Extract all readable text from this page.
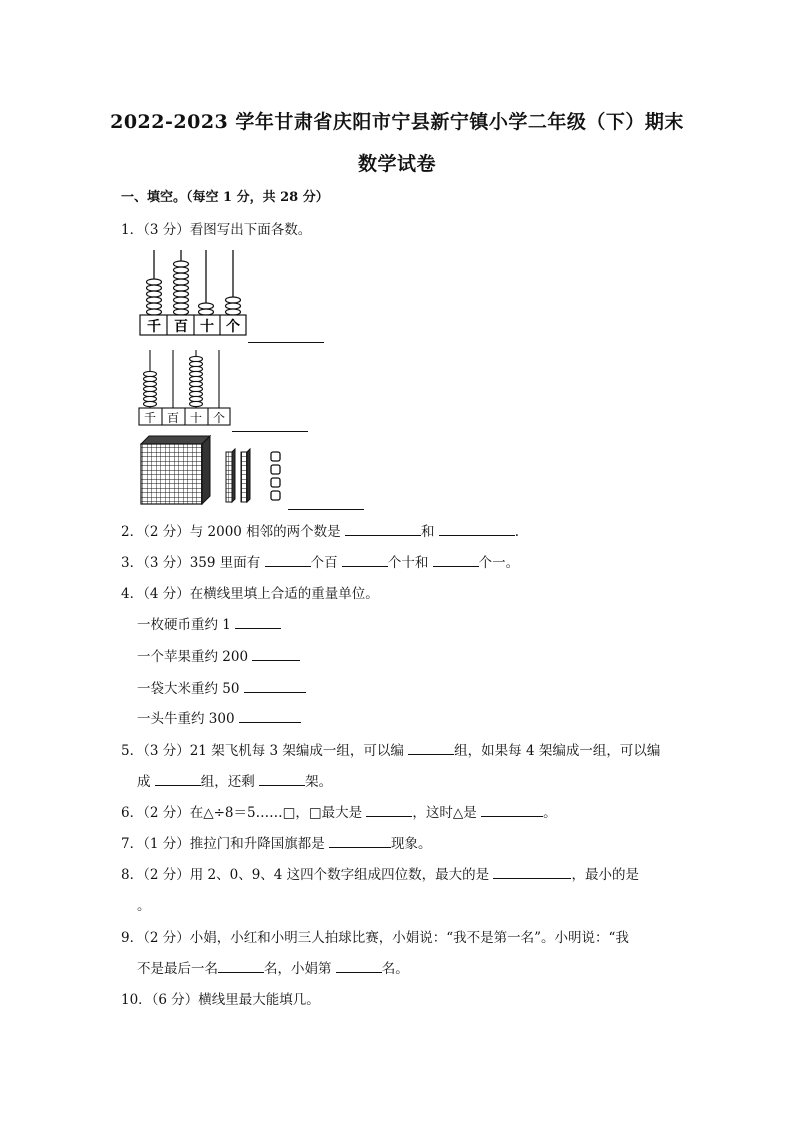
2022-2023 学年甘肃省庆阳市宁县新宁镇小学二年级（下）期末
数学试卷
一、填空。（每空 1 分，共 28 分）
1．（3 分）看图写出下面各数。
千 百 十 个
千 百 十 个
2．（2 分）与 2000 相邻的两个数是	和	.
3．（3 分）359 里面有	个百	个十和	个一。
4．（4 分）在横线里填上合适的重量单位。
一枚硬币重约 1
一个苹果重约 200
一袋大米重约 50
一头牛重约 300
5．（3 分）21 架飞机每 3 架编成一组，可以编	组，如果每 4 架编成一组，可以编
成	组，还剩	架。
6．（2 分）在△÷8＝5……□，□最大是	，这时△是	。
7．（1 分）推拉门和升降国旗都是	现象。
8．（2 分）用 2、0、9、4 这四个数字组成四位数，最大的是	，最小的是
。
9．（2 分）小娟，小红和小明三人拍球比赛，小娟说：“我不是第一名”。小明说：“我
不是最后一名	名，小娟第	名。
10．（6 分）横线里最大能填几。
